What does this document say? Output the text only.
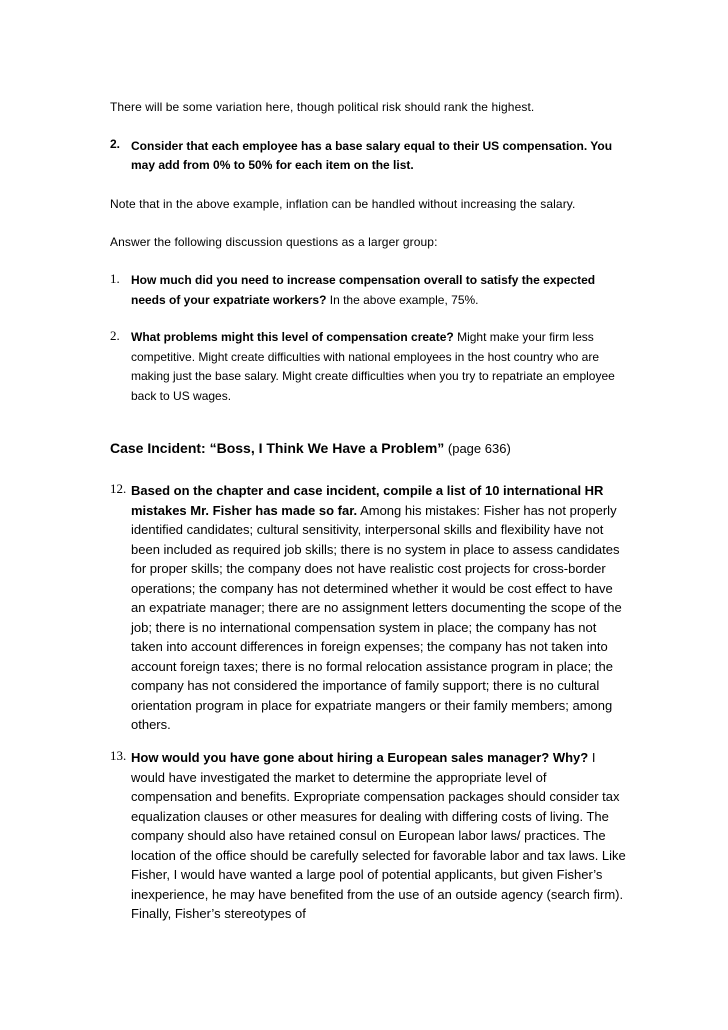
There will be some variation here, though political risk should rank the highest.
2. Consider that each employee has a base salary equal to their US compensation. You may add from 0% to 50% for each item on the list.
Note that in the above example, inflation can be handled without increasing the salary.
Answer the following discussion questions as a larger group:
1. How much did you need to increase compensation overall to satisfy the expected needs of your expatriate workers? In the above example, 75%.
2. What problems might this level of compensation create? Might make your firm less competitive. Might create difficulties with national employees in the host country who are making just the base salary. Might create difficulties when you try to repatriate an employee back to US wages.
Case Incident: “Boss, I Think We Have a Problem” (page 636)
12. Based on the chapter and case incident, compile a list of 10 international HR mistakes Mr. Fisher has made so far. Among his mistakes: Fisher has not properly identified candidates; cultural sensitivity, interpersonal skills and flexibility have not been included as required job skills; there is no system in place to assess candidates for proper skills; the company does not have realistic cost projects for cross-border operations; the company has not determined whether it would be cost effect to have an expatriate manager; there are no assignment letters documenting the scope of the job; there is no international compensation system in place; the company has not taken into account differences in foreign expenses; the company has not taken into account foreign taxes; there is no formal relocation assistance program in place; the company has not considered the importance of family support; there is no cultural orientation program in place for expatriate mangers or their family members; among others.
13. How would you have gone about hiring a European sales manager? Why? I would have investigated the market to determine the appropriate level of compensation and benefits. Expropriate compensation packages should consider tax equalization clauses or other measures for dealing with differing costs of living. The company should also have retained consul on European labor laws/ practices. The location of the office should be carefully selected for favorable labor and tax laws. Like Fisher, I would have wanted a large pool of potential applicants, but given Fisher’s inexperience, he may have benefited from the use of an outside agency (search firm). Finally, Fisher’s stereotypes of
